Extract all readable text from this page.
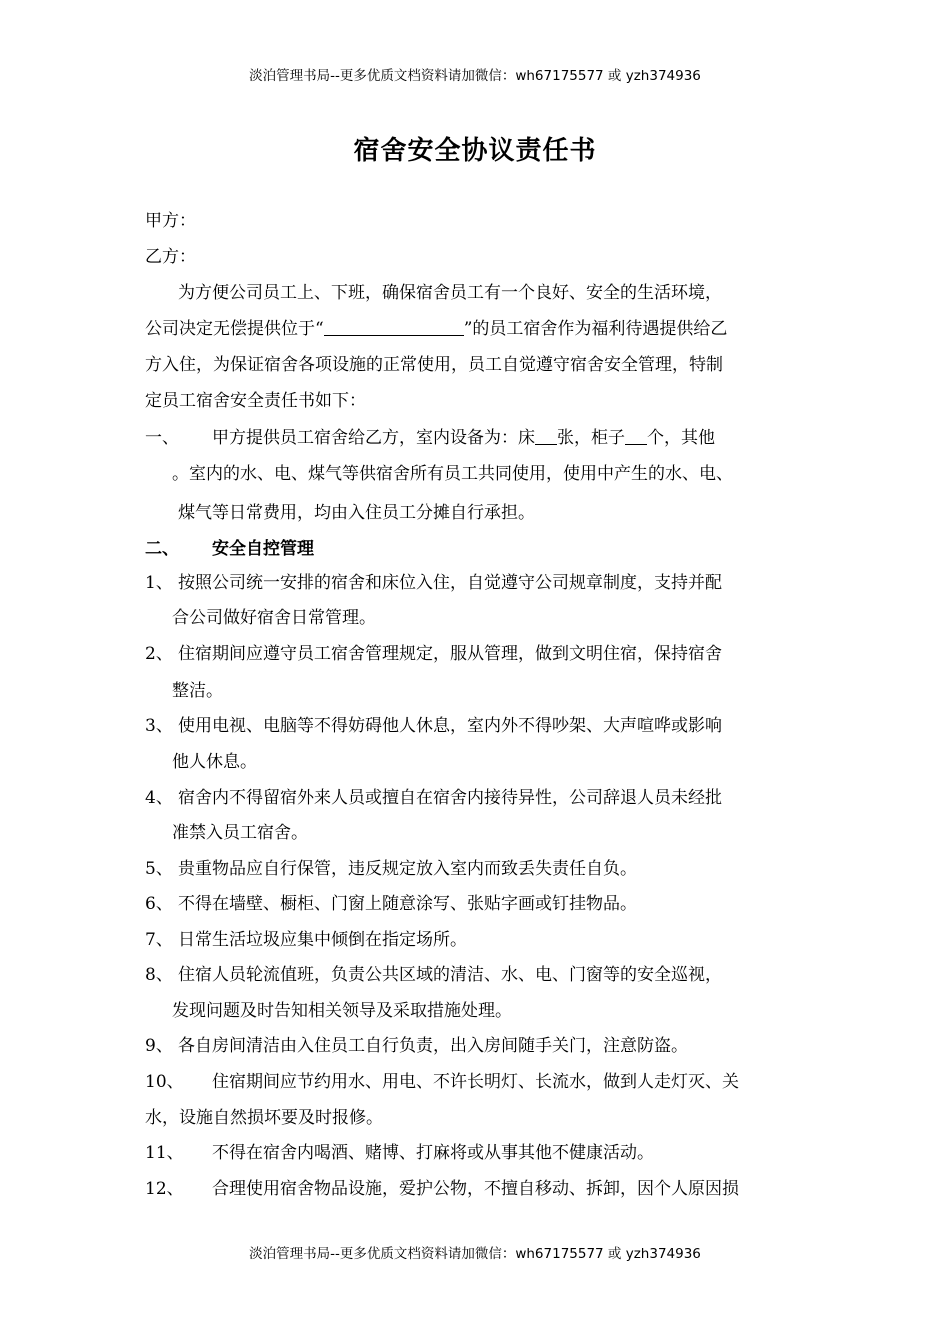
淡泊管理书局--更多优质文档资料请加微信：wh67175577 或 yzh374936
宿舍安全协议责任书
甲方：
乙方：
为方便公司员工上、下班，确保宿舍员工有一个良好、安全的生活环境，
公司决定无偿提供位于“	”的员工宿舍作为福利待遇提供给乙
方入住，为保证宿舍各项设施的正常使用，员工自觉遵守宿舍安全管理，特制
定员工宿舍安全责任书如下：
一、 甲方提供员工宿舍给乙方，室内设备为：床 张，柜子 个，其他
。室内的水、电、煤气等供宿舍所有员工共同使用，使用中产生的水、电、
煤气等日常费用，均由入住员工分摊自行承担。
二、 安全自控管理
1、 按照公司统一安排的宿舍和床位入住，自觉遵守公司规章制度，支持并配
合公司做好宿舍日常管理。
2、 住宿期间应遵守员工宿舍管理规定，服从管理，做到文明住宿，保持宿舍
整洁。
3、 使用电视、电脑等不得妨碍他人休息，室内外不得吵架、大声喧哗或影响
他人休息。
4、 宿舍内不得留宿外来人员或擅自在宿舍内接待异性，公司辞退人员未经批
准禁入员工宿舍。
5、 贵重物品应自行保管，违反规定放入室内而致丢失责任自负。
6、 不得在墙壁、橱柜、门窗上随意涂写、张贴字画或钉挂物品。
7、 日常生活垃圾应集中倾倒在指定场所。
8、 住宿人员轮流值班，负责公共区域的清洁、水、电、门窗等的安全巡视，
发现问题及时告知相关领导及采取措施处理。
9、 各自房间清洁由入住员工自行负责，出入房间随手关门，注意防盗。
10、 住宿期间应节约用水、用电、不许长明灯、长流水，做到人走灯灭、关
水，设施自然损坏要及时报修。
11、 不得在宿舍内喝酒、赌博、打麻将或从事其他不健康活动。
12、 合理使用宿舍物品设施，爱护公物，不擅自移动、拆卸，因个人原因损
淡泊管理书局--更多优质文档资料请加微信：wh67175577 或 yzh374936
